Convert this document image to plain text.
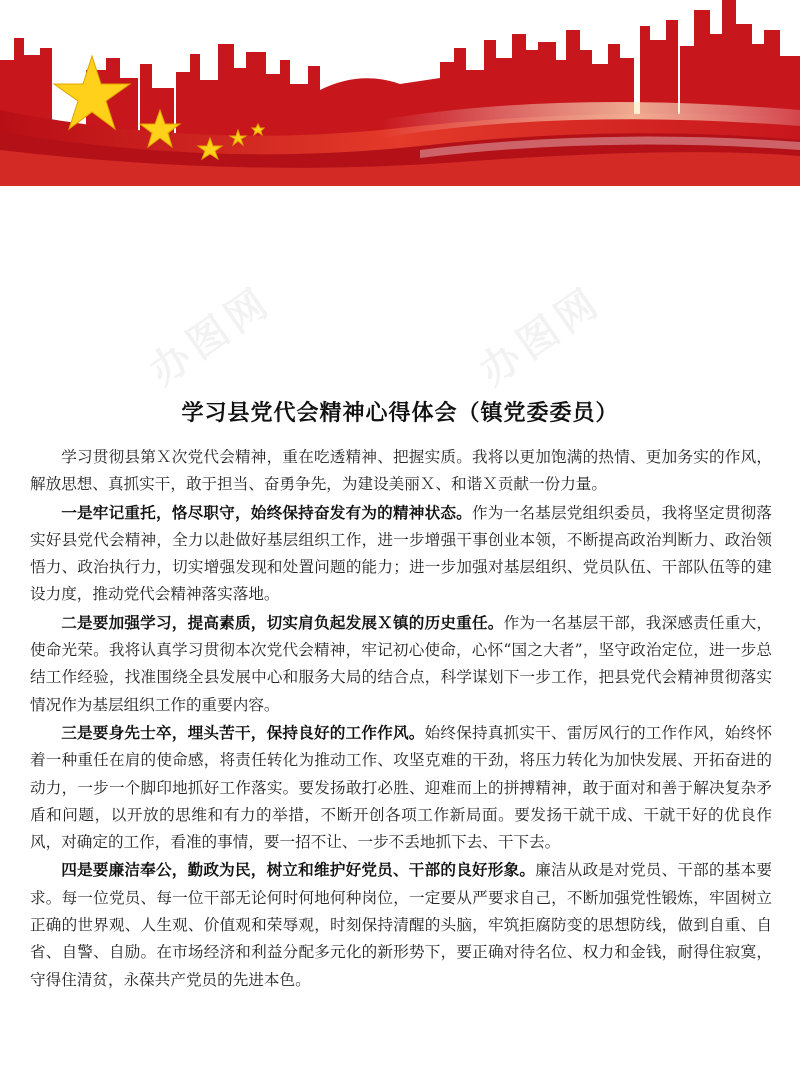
办图网	办图网
学习县党代会精神心得体会（镇党委委员）

学习贯彻县第Ｘ次党代会精神，重在吃透精神、把握实质。我将以更加饱满的热情、更加务实的作风，解放思想、真抓实干，敢于担当、奋勇争先，为建设美丽Ｘ、和谐Ｘ贡献一份力量。

一是牢记重托，恪尽职守，始终保持奋发有为的精神状态。作为一名基层党组织委员，我将坚定贯彻落实好县党代会精神，全力以赴做好基层组织工作，进一步增强干事创业本领，不断提高政治判断力、政治领悟力、政治执行力，切实增强发现和处置问题的能力；进一步加强对基层组织、党员队伍、干部队伍等的建设力度，推动党代会精神落实落地。

二是要加强学习，提高素质，切实肩负起发展Ｘ镇的历史重任。作为一名基层干部，我深感责任重大，使命光荣。我将认真学习贯彻本次党代会精神，牢记初心使命，心怀“国之大者”，坚守政治定位，进一步总结工作经验，找准围绕全县发展中心和服务大局的结合点，科学谋划下一步工作，把县党代会精神贯彻落实情况作为基层组织工作的重要内容。

三是要身先士卒，埋头苦干，保持良好的工作作风。始终保持真抓实干、雷厉风行的工作作风，始终怀着一种重任在肩的使命感，将责任转化为推动工作、攻坚克难的干劲，将压力转化为加快发展、开拓奋进的动力，一步一个脚印地抓好工作落实。要发扬敢打必胜、迎难而上的拼搏精神，敢于面对和善于解决复杂矛盾和问题，以开放的思维和有力的举措，不断开创各项工作新局面。要发扬干就干成、干就干好的优良作风，对确定的工作，看准的事情，要一招不让、一步不丢地抓下去、干下去。

四是要廉洁奉公，勤政为民，树立和维护好党员、干部的良好形象。廉洁从政是对党员、干部的基本要求。每一位党员、每一位干部无论何时何地何种岗位，一定要从严要求自己，不断加强党性锻炼，牢固树立正确的世界观、人生观、价值观和荣辱观，时刻保持清醒的头脑，牢筑拒腐防变的思想防线，做到自重、自省、自警、自励。在市场经济和利益分配多元化的新形势下，要正确对待名位、权力和金钱，耐得住寂寞，守得住清贫，永葆共产党员的先进本色。
